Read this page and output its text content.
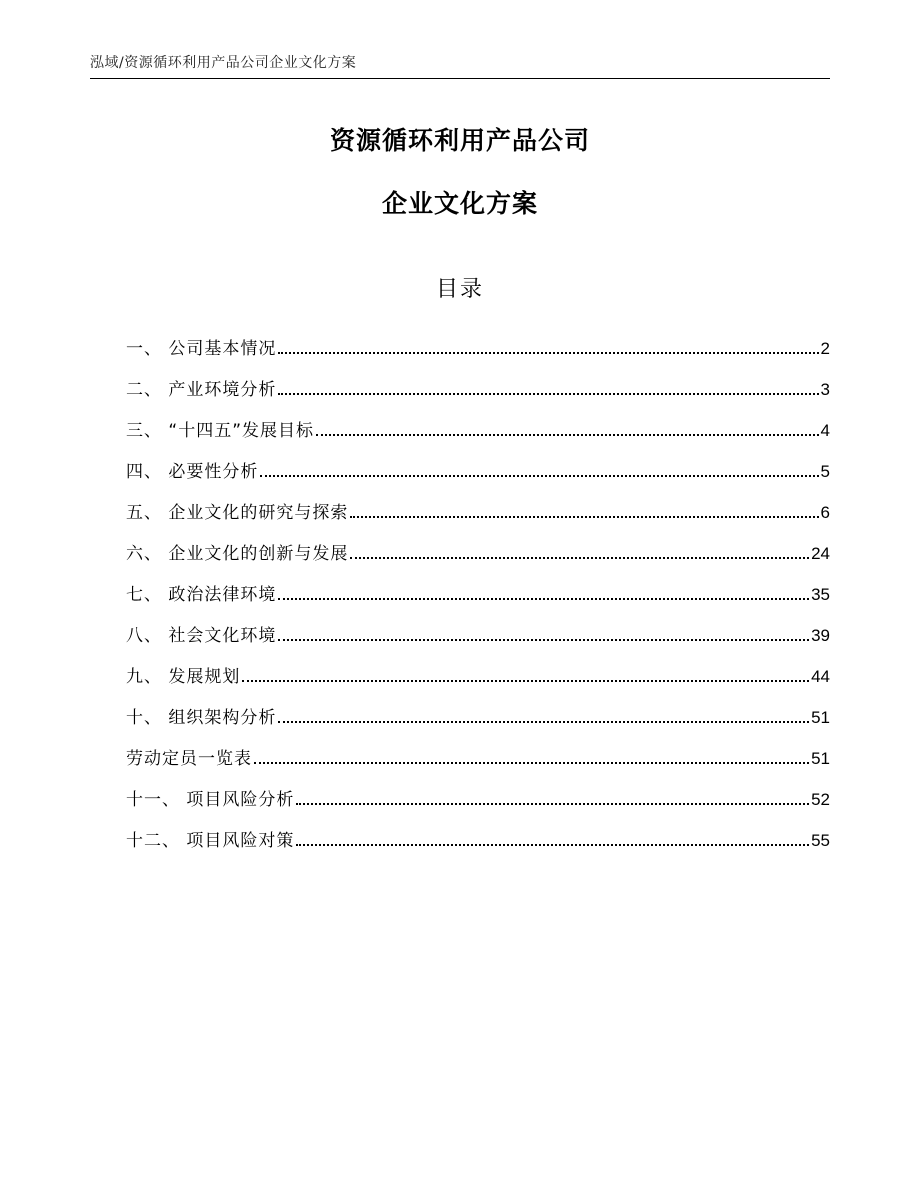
泓域/资源循环利用产品公司企业文化方案
资源循环利用产品公司
企业文化方案
目录
一、 公司基本情况	2
二、 产业环境分析	3
三、 “十四五”发展目标	4
四、 必要性分析	5
五、 企业文化的研究与探索	6
六、 企业文化的创新与发展	24
七、 政治法律环境	35
八、 社会文化环境	39
九、 发展规划	44
十、 组织架构分析	51
劳动定员一览表	51
十一、 项目风险分析	52
十二、 项目风险对策	55
